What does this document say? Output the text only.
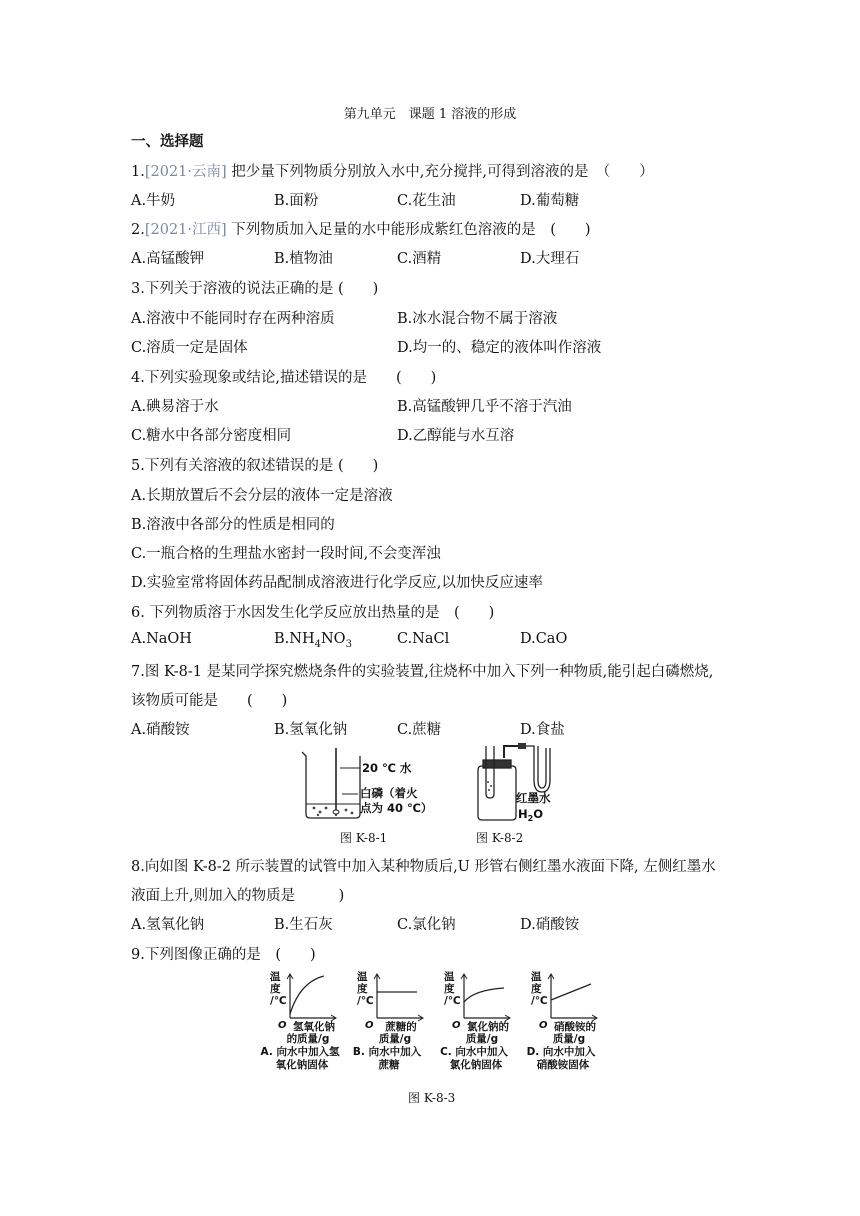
第九单元　课题 1 溶液的形成
一、选择题
1.[2021·云南] 把少量下列物质分别放入水中,充分搅拌,可得到溶液的是　（　　）
A.牛奶	B.面粉	C.花生油	D.葡萄糖
2.[2021·江西] 下列物质加入足量的水中能形成紫红色溶液的是　(　　)
A.高锰酸钾	B.植物油	C.酒精	D.大理石
3.下列关于溶液的说法正确的是 (　　)
A.溶液中不能同时存在两种溶质	B.冰水混合物不属于溶液
C.溶质一定是固体	D.均一的、稳定的液体叫作溶液
4.下列实验现象或结论,描述错误的是　　(　　)
A.碘易溶于水	B.高锰酸钾几乎不溶于汽油
C.糖水中各部分密度相同	D.乙醇能与水互溶
5.下列有关溶液的叙述错误的是 (　　)
A.长期放置后不会分层的液体一定是溶液
B.溶液中各部分的性质是相同的
C.一瓶合格的生理盐水密封一段时间,不会变浑浊
D.实验室常将固体药品配制成溶液进行化学反应,以加快反应速率
6. 下列物质溶于水因发生化学反应放出热量的是　(　　)
A.NaOH	$B.NH_4NO_3$	C.NaCl	D.CaO
7.图 K-8-1 是某同学探究燃烧条件的实验装置,往烧杯中加入下列一种物质,能引起白磷燃烧,
该物质可能是　　(　　)
A.硝酸铵	B.氢氧化钠	C.蔗糖	D.食盐
20 ℃ 水
白磷（着火
点为 40 ℃）
图 K-8-1
红墨水
$H_2O$
图 K-8-2
8.向如图 K-8-2 所示装置的试管中加入某种物质后,U 形管右侧红墨水液面下降, 左侧红墨水
液面上升,则加入的物质是　　　)
A.氢氧化钠	B.生石灰	C.氯化钠	D.硝酸铵
9.下列图像正确的是　(　　)
温
度
/℃
O 氢氧化钠
的质量/g
A. 向水中加入氢
氧化钠固体
温
度
/℃
O 蔗糖的
质量/g
B. 向水中加入
蔗糖
温
度
/℃
O 氯化钠的
质量/g
C. 向水中加入
氯化钠固体
温
度
/℃
O 硝酸铵的
质量/g
D. 向水中加入
硝酸铵固体
图 K-8-3
